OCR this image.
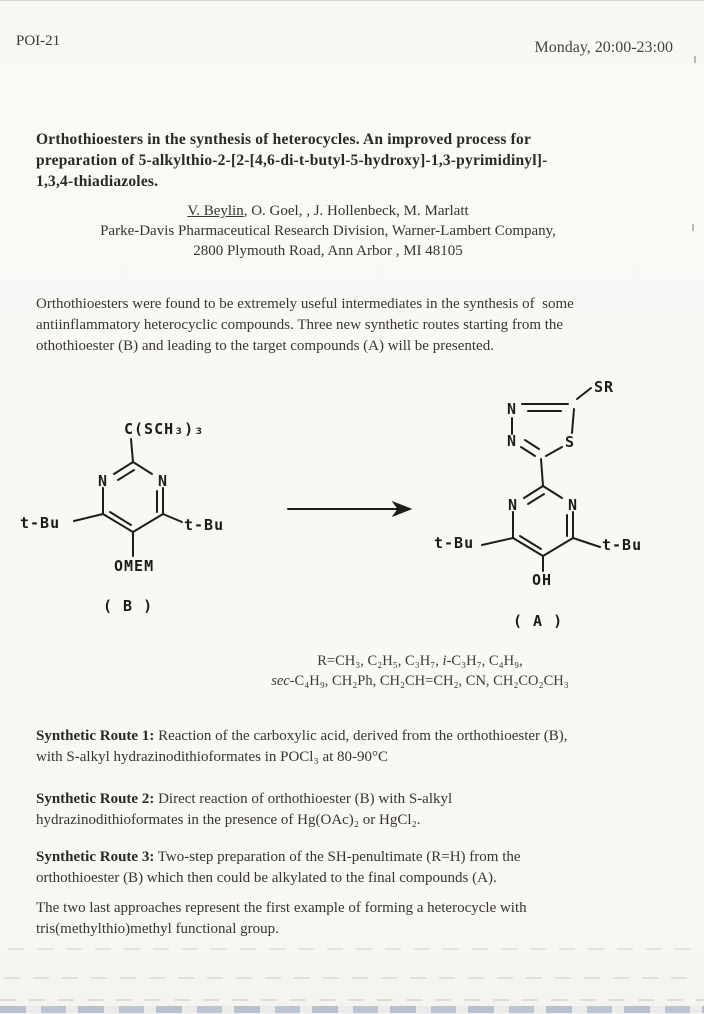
POI-21	Monday, 20:00-23:00
Orthothioesters in the synthesis of heterocycles. An improved process for
preparation of 5-alkylthio-2-[2-[4,6-di-t-butyl-5-hydroxy]-1,3-pyrimidinyl]-
1,3,4-thiadiazoles.
V. Beylin, O. Goel, , J. Hollenbeck, M. Marlatt
Parke-Davis Pharmaceutical Research Division, Warner-Lambert Company,
2800 Plymouth Road, Ann Arbor , MI 48105
Orthothioesters were found to be extremely useful intermediates in the synthesis of  some
antiinflammatory heterocyclic compounds. Three new synthetic routes starting from the
othothioester (B) and leading to the target compounds (A) will be presented.
C(SCH₃)₃
N	N
t-Bu	t-Bu
OMEM
( B )
SR
N
N	S
N	N
t-Bu	t-Bu
OH
( A )
R=CH₃, C₂H₅, C₃H₇, i-C₃H₇, C₄H₉,
sec-C₄H₉, CH₂Ph, CH₂CH=CH₂, CN, CH₂CO₂CH₃
Synthetic Route 1: Reaction of the carboxylic acid, derived from the orthothioester (B),
with S-alkyl hydrazinodithioformates in POCl₃ at 80-90°C
Synthetic Route 2: Direct reaction of orthothioester (B) with S-alkyl
hydrazinodithioformates in the presence of Hg(OAc)₂ or HgCl₂.
Synthetic Route 3: Two-step preparation of the SH-penultimate (R=H) from the
orthothioester (B) which then could be alkylated to the final compounds (A).
The two last approaches represent the first example of forming a heterocycle with
tris(methylthio)methyl functional group.
